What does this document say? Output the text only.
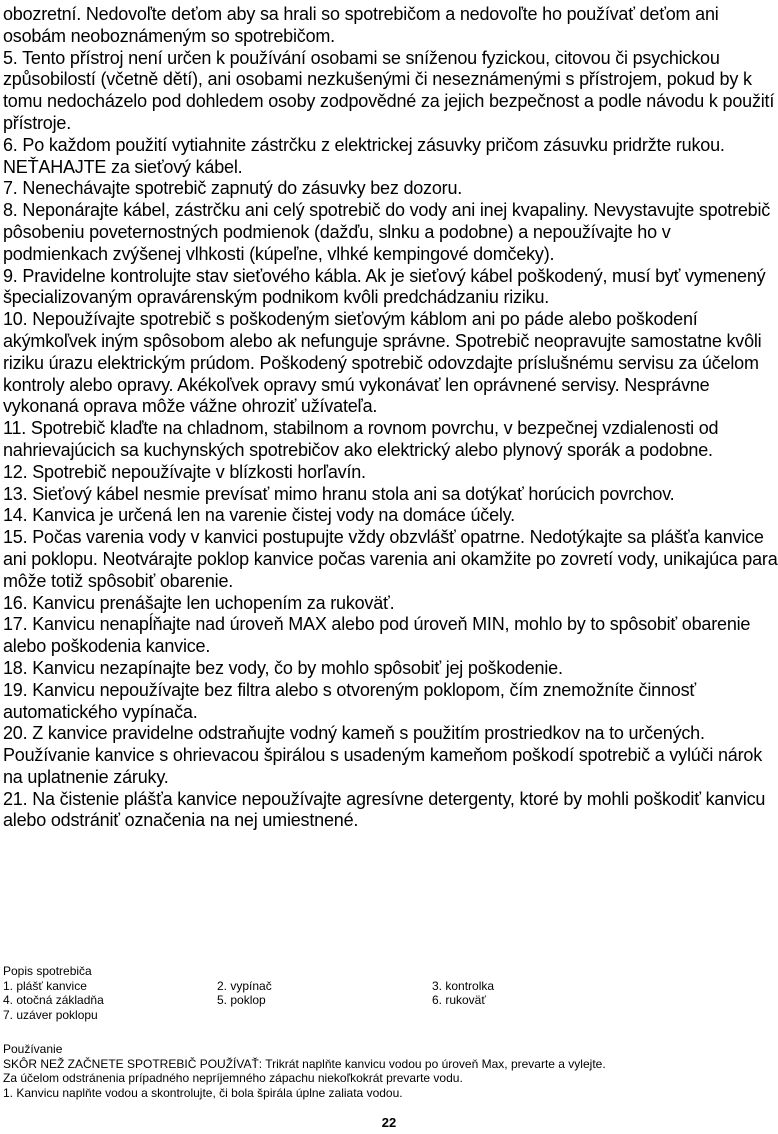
obozretní. Nedovoľte deťom aby sa hrali so spotrebičom a nedovoľte ho používať deťom ani osobám neoboznámeným so spotrebičom.

5. Tento přístroj není určen k používání osobami se sníženou fyzickou, citovou či psychickou způsobilostí (včetně dětí), ani osobami nezkušenými či neseznámenými s přístrojem, pokud by k tomu nedocházelo pod dohledem osoby zodpovědné za jejich bezpečnost a podle návodu k použití přístroje.

6. Po každom použití vytiahnite zástrčku z elektrickej zásuvky pričom zásuvku pridržte rukou. NEŤAHAJTE za sieťový kábel.

7. Nenechávajte spotrebič zapnutý do zásuvky bez dozoru.

8. Neponárajte kábel, zástrčku ani celý spotrebič do vody ani inej kvapaliny. Nevystavujte spotrebič pôsobeniu poveternostných podmienok (dažďu, slnku a podobne) a nepoužívajte ho v podmienkach zvýšenej vlhkosti (kúpeľne, vlhké kempingové domčeky).

9. Pravidelne kontrolujte stav sieťového kábla. Ak je sieťový kábel poškodený, musí byť vymenený špecializovaným opravárenským podnikom kvôli predchádzaniu riziku.

10. Nepoužívajte spotrebič s poškodeným sieťovým káblom ani po páde alebo poškodení akýmkoľvek iným spôsobom alebo ak nefunguje správne. Spotrebič neopravujte samostatne kvôli riziku úrazu elektrickým prúdom. Poškodený spotrebič odovzdajte príslušnému servisu za účelom kontroly alebo opravy. Akékoľvek opravy smú vykonávať len oprávnené servisy. Nesprávne vykonaná oprava môže vážne ohroziť užívateľa.

11. Spotrebič klaďte na chladnom, stabilnom a rovnom povrchu, v bezpečnej vzdialenosti od nahrievajúcich sa kuchynských spotrebičov ako elektrický alebo plynový sporák a podobne.

12. Spotrebič nepoužívajte v blízkosti horľavín.

13. Sieťový kábel nesmie prevísať mimo hranu stola ani sa dotýkať horúcich povrchov.

14. Kanvica je určená len na varenie čistej vody na domáce účely.

15. Počas varenia vody v kanvici postupujte vždy obzvlášť opatrne. Nedotýkajte sa plášťa kanvice ani poklopu. Neotvárajte poklop kanvice počas varenia ani okamžite po zovretí vody, unikajúca para môže totiž spôsobiť obarenie.

16. Kanvicu prenášajte len uchopením za rukoväť.

17. Kanvicu nenapĺňajte nad úroveň MAX alebo pod úroveň MIN, mohlo by to spôsobiť obarenie alebo poškodenia kanvice.

18. Kanvicu nezapínajte bez vody, čo by mohlo spôsobiť jej poškodenie.

19. Kanvicu nepoužívajte bez filtra alebo s otvoreným poklopom, čím znemožníte činnosť automatického vypínača.

20. Z kanvice pravidelne odstraňujte vodný kameň s použitím prostriedkov na to určených. Používanie kanvice s ohrievacou špirálou s usadeným kameňom poškodí spotrebič a vylúči nárok na uplatnenie záruky.

21. Na čistenie plášťa kanvice nepoužívajte agresívne detergenty, ktoré by mohli poškodiť kanvicu alebo odstrániť označenia na nej umiestnené.

Popis spotrebiča
1. plášť kanvice	2. vypínač	3. kontrolka
4. otočná základňa	5. poklop	6. rukoväť
7. uzáver poklopu

Používanie

SKÔR NEŽ ZAČNETE SPOTREBIČ POUŽÍVAŤ: Trikrát naplňte kanvicu vodou po úroveň Max, prevarte a vylejte.

Za účelom odstránenia prípadného nepríjemného zápachu niekoľkokrát prevarte vodu.

1. Kanvicu naplňte vodou a skontrolujte, či bola špirála úplne zaliata vodou.

22
